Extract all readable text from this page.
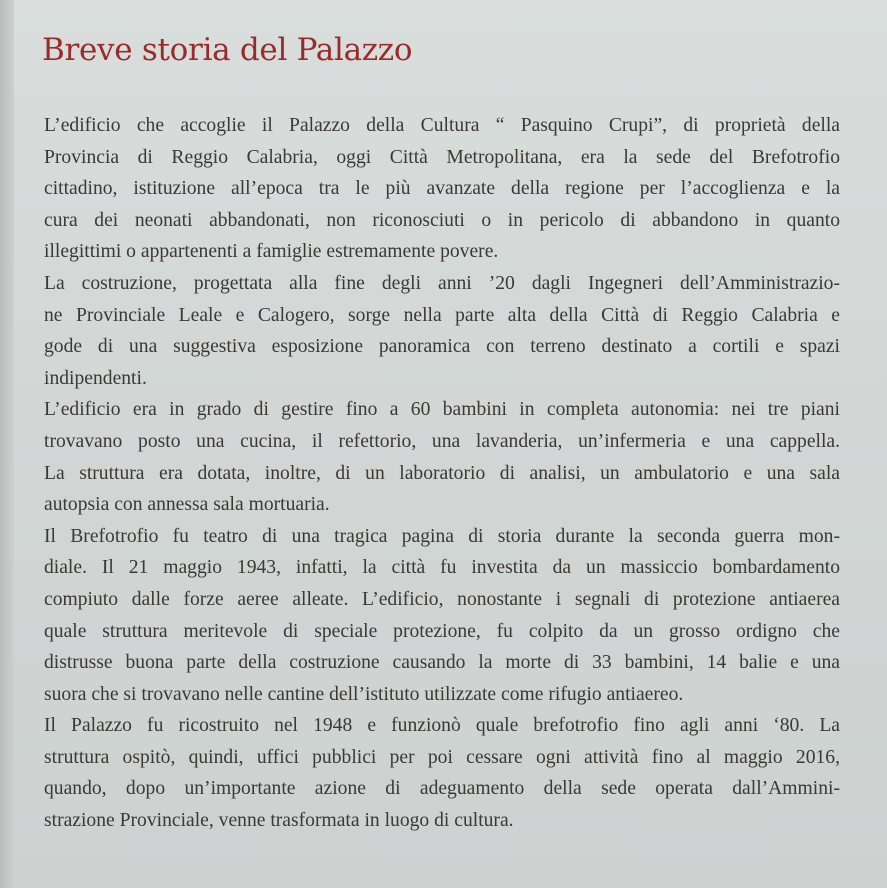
Breve storia del Palazzo

L’edificio che accoglie il Palazzo della Cultura “ Pasquino Crupi”, di proprietà della
Provincia di Reggio Calabria, oggi Città Metropolitana, era la sede del Brefotrofio
cittadino, istituzione all’epoca tra le più avanzate della regione per l’accoglienza e la
cura dei neonati abbandonati, non riconosciuti o in pericolo di abbandono in quanto
illegittimi o appartenenti a famiglie estremamente povere.

La costruzione, progettata alla fine degli anni ’20 dagli Ingegneri dell’Amministrazio-
ne Provinciale Leale e Calogero, sorge nella parte alta della Città di Reggio Calabria e
gode di una suggestiva esposizione panoramica con terreno destinato a cortili e spazi
indipendenti.

L’edificio era in grado di gestire fino a 60 bambini in completa autonomia: nei tre piani
trovavano posto una cucina, il refettorio, una lavanderia, un’infermeria e una cappella.
La struttura era dotata, inoltre, di un laboratorio di analisi, un ambulatorio e una sala
autopsia con annessa sala mortuaria.

Il Brefotrofio fu teatro di una tragica pagina di storia durante la seconda guerra mon-
diale. Il 21 maggio 1943, infatti, la città fu investita da un massiccio bombardamento
compiuto dalle forze aeree alleate. L’edificio, nonostante i segnali di protezione antiaerea
quale struttura meritevole di speciale protezione, fu colpito da un grosso ordigno che
distrusse buona parte della costruzione causando la morte di 33 bambini, 14 balie e una
suora che si trovavano nelle cantine dell’istituto utilizzate come rifugio antiaereo.

Il Palazzo fu ricostruito nel 1948 e funzionò quale brefotrofio fino agli anni ‘80. La
struttura ospitò, quindi, uffici pubblici per poi cessare ogni attività fino al maggio 2016,
quando, dopo un’importante azione di adeguamento della sede operata dall’Ammini-
strazione Provinciale, venne trasformata in luogo di cultura.
